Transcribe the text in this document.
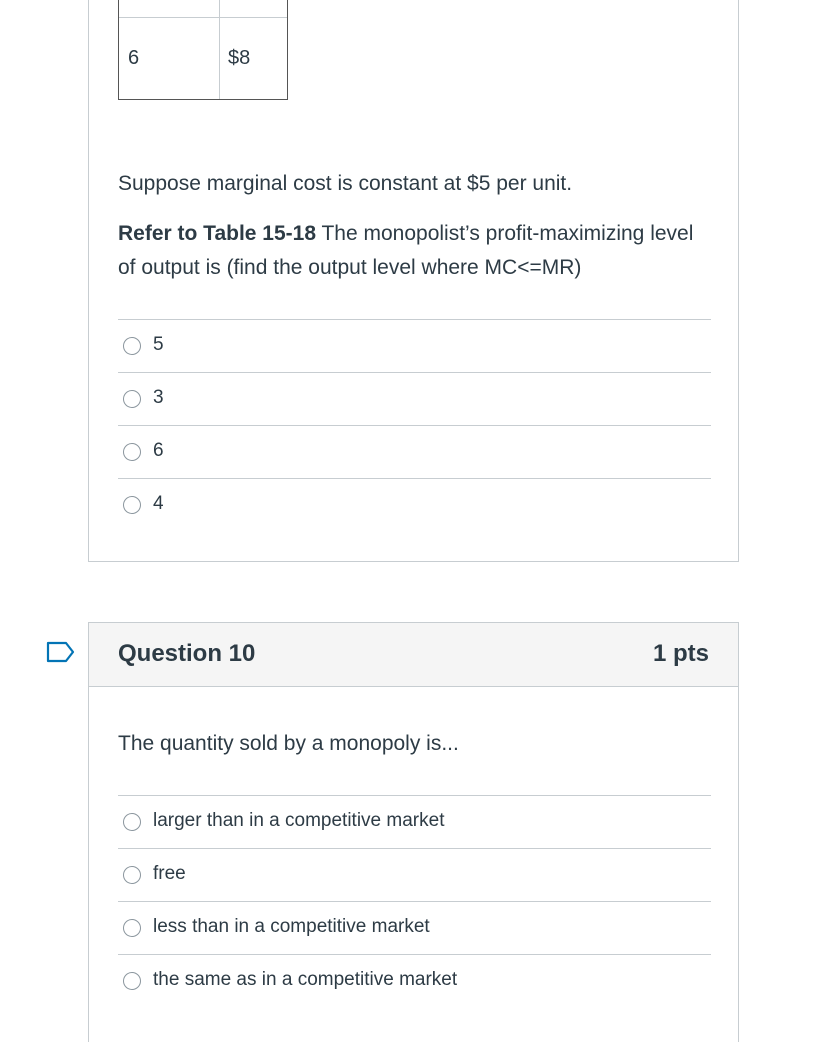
6	$8
Suppose marginal cost is constant at $5 per unit.
Refer to Table 15-18 The monopolist’s profit-maximizing level of output is (find the output level where MC<=MR)
5
3
6
4
Question 10	1 pts
The quantity sold by a monopoly is...
larger than in a competitive market
free
less than in a competitive market
the same as in a competitive market
